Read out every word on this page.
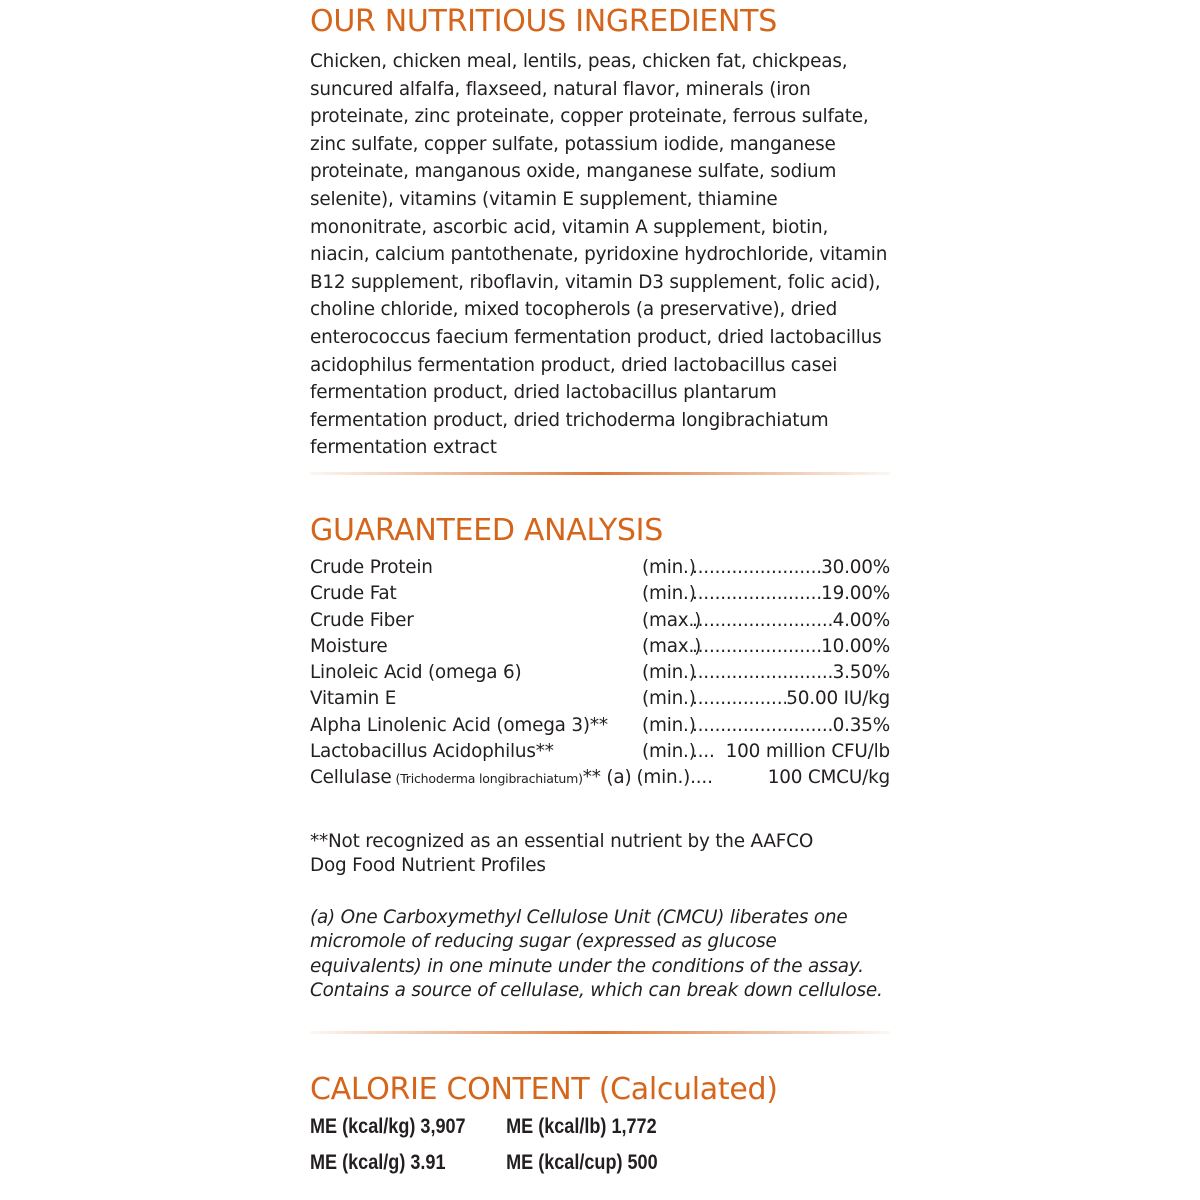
OUR NUTRITIOUS INGREDIENTS
Chicken, chicken meal, lentils, peas, chicken fat, chickpeas, suncured alfalfa, flaxseed, natural flavor, minerals (iron proteinate, zinc proteinate, copper proteinate, ferrous sulfate, zinc sulfate, copper sulfate, potassium iodide, manganese proteinate, manganous oxide, manganese sulfate, sodium selenite), vitamins (vitamin E supplement, thiamine mononitrate, ascorbic acid, vitamin A supplement, biotin, niacin, calcium pantothenate, pyridoxine hydrochloride, vitamin B12 supplement, riboflavin, vitamin D3 supplement, folic acid), choline chloride, mixed tocopherols (a preservative), dried enterococcus faecium fermentation product, dried lactobacillus acidophilus fermentation product, dried lactobacillus casei fermentation product, dried lactobacillus plantarum fermentation product, dried trichoderma longibrachiatum fermentation extract
GUARANTEED ANALYSIS
Crude Protein	(min.) .....	30.00%
Crude Fat	(min.) .....	19.00%
Crude Fiber	(max.) .....	4.00%
Moisture	(max.) .....	10.00%
Linoleic Acid (omega 6)	(min.) .....	3.50%
Vitamin E	(min.) .....	50.00 IU/kg
Alpha Linolenic Acid (omega 3)**	(min.) .....	0.35%
Lactobacillus Acidophilus**	(min.) .....	100 million CFU/lb
Cellulase (Trichoderma longibrachiatum) ** (a) (min.) .....	100 CMCU/kg
**Not recognized as an essential nutrient by the AAFCO Dog Food Nutrient Profiles
(a) One Carboxymethyl Cellulose Unit (CMCU) liberates one micromole of reducing sugar (expressed as glucose equivalents) in one minute under the conditions of the assay. Contains a source of cellulase, which can break down cellulose.
CALORIE CONTENT (Calculated)
ME (kcal/kg) 3,907	ME (kcal/lb) 1,772
ME (kcal/g) 3.91	ME (kcal/cup) 500
